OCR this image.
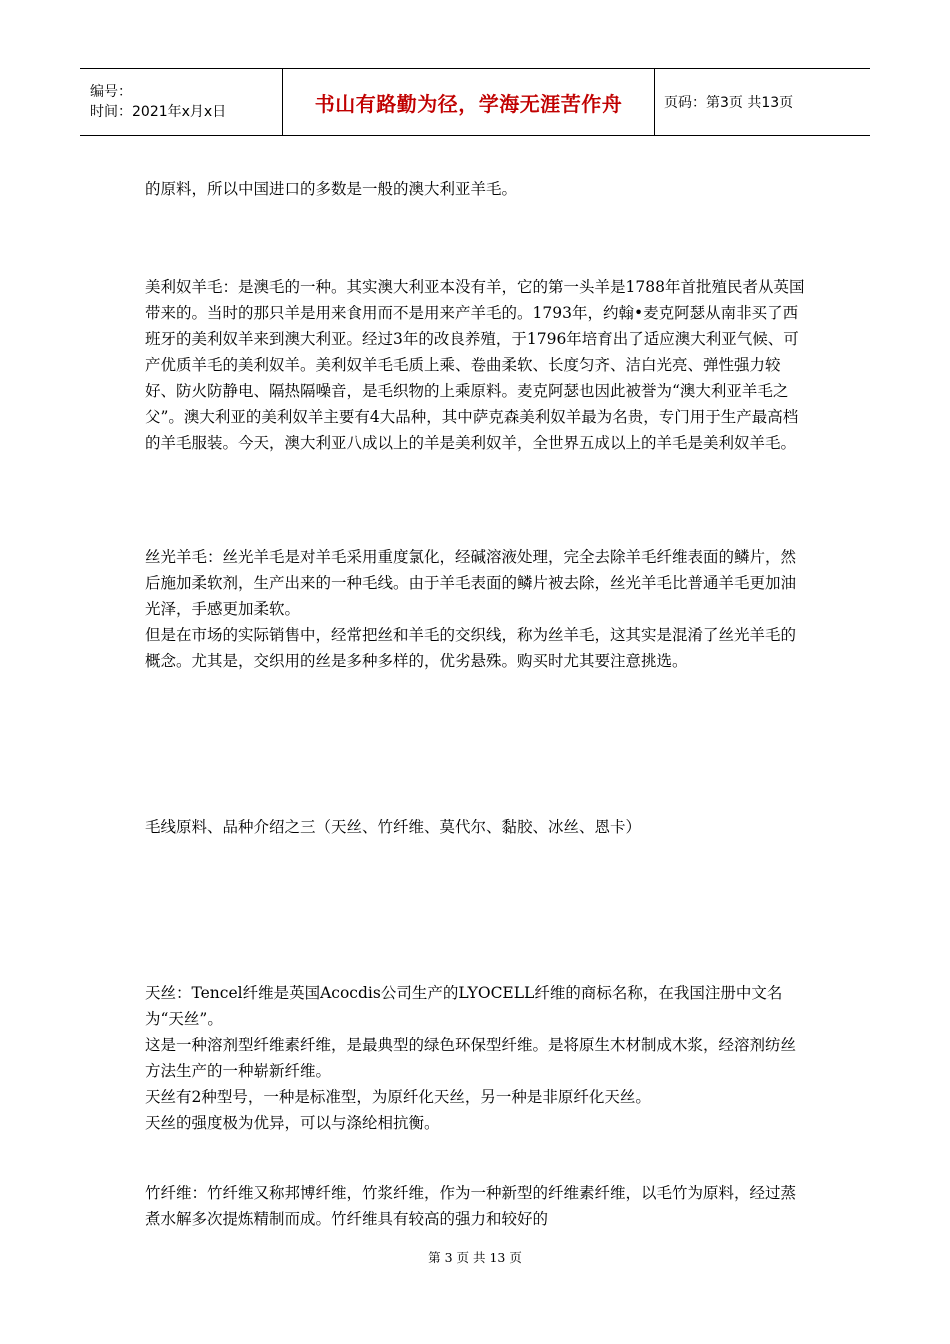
编号：
时间：2021年x月x日	书山有路勤为径，学海无涯苦作舟	页码：第3页 共13页

的原料，所以中国进口的多数是一般的澳大利亚羊毛。

美利奴羊毛：是澳毛的一种。其实澳大利亚本没有羊，它的第一头羊是1788年首批殖民者从英国带来的。当时的那只羊是用来食用而不是用来产羊毛的。1793年，约翰•麦克阿瑟从南非买了西班牙的美利奴羊来到澳大利亚。经过3年的改良养殖，于1796年培育出了适应澳大利亚气候、可产优质羊毛的美利奴羊。美利奴羊毛毛质上乘、卷曲柔软、长度匀齐、洁白光亮、弹性强力较好、防火防静电、隔热隔噪音，是毛织物的上乘原料。麦克阿瑟也因此被誉为“澳大利亚羊毛之父”。澳大利亚的美利奴羊主要有4大品种，其中萨克森美利奴羊最为名贵，专门用于生产最高档的羊毛服装。今天，澳大利亚八成以上的羊是美利奴羊，全世界五成以上的羊毛是美利奴羊毛。

丝光羊毛：丝光羊毛是对羊毛采用重度氯化，经碱溶液处理，完全去除羊毛纤维表面的鳞片，然后施加柔软剂，生产出来的一种毛线。由于羊毛表面的鳞片被去除，丝光羊毛比普通羊毛更加油光泽，手感更加柔软。

但是在市场的实际销售中，经常把丝和羊毛的交织线，称为丝羊毛，这其实是混淆了丝光羊毛的概念。尤其是，交织用的丝是多种多样的，优劣悬殊。购买时尤其要注意挑选。

毛线原料、品种介绍之三（天丝、竹纤维、莫代尔、黏胶、冰丝、恩卡）

天丝：Tencel纤维是英国Acocdis公司生产的LYOCELL纤维的商标名称，在我国注册中文名为“天丝”。

这是一种溶剂型纤维素纤维，是最典型的绿色环保型纤维。是将原生木材制成木浆，经溶剂纺丝方法生产的一种崭新纤维。

天丝有2种型号，一种是标准型，为原纤化天丝，另一种是非原纤化天丝。

天丝的强度极为优异，可以与涤纶相抗衡。

竹纤维：竹纤维又称邦博纤维，竹浆纤维，作为一种新型的纤维素纤维，以毛竹为原料，经过蒸煮水解多次提炼精制而成。竹纤维具有较高的强力和较好的

第 3 页 共 13 页
